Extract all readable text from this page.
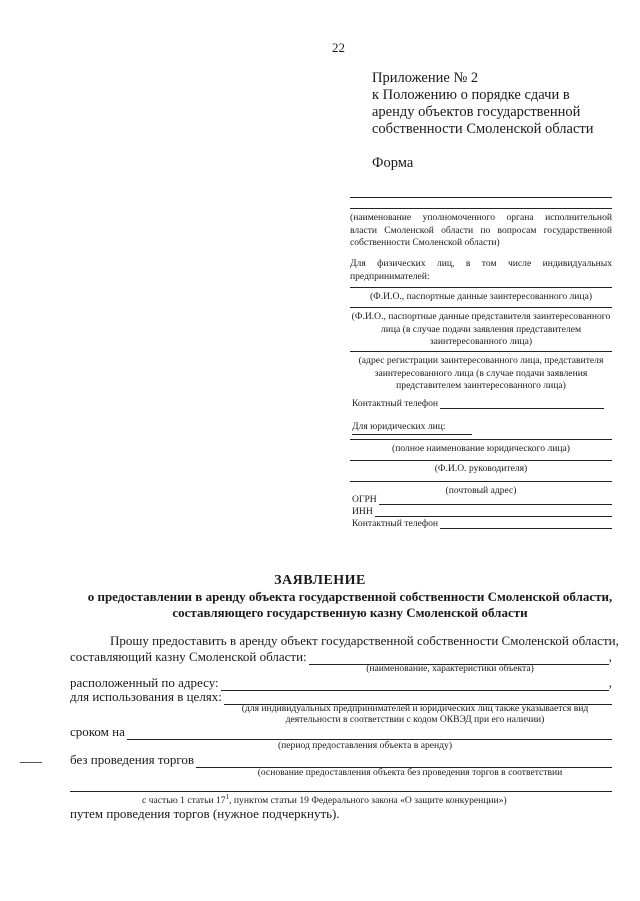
22
Приложение № 2
к Положению о порядке сдачи в
аренду объектов государственной
собственности Смоленской области
Форма
(наименование уполномоченного органа исполнительной
власти Смоленской области по вопросам государственной
собственности Смоленской области)
Для физических лиц, в том числе индивидуальных
предпринимателей:
(Ф.И.О., паспортные данные заинтересованного лица)
(Ф.И.О., паспортные данные представителя заинтересованного
лица (в случае подачи заявления представителем
заинтересованного лица)
(адрес регистрации заинтересованного лица, представителя
заинтересованного лица (в случае подачи заявления
представителем заинтересованного лица)
Контактный телефон
Для юридических лиц:
(полное наименование юридического лица)
(Ф.И.О. руководителя)
(почтовый адрес)
ОГРН
ИНН
Контактный телефон
ЗАЯВЛЕНИЕ
о предоставлении в аренду объекта государственной собственности Смоленской области,
составляющего государственную казну Смоленской области
Прошу предоставить в аренду объект государственной собственности Смоленской области,
составляющий казну Смоленской области:	,
(наименование, характеристики объекта)
расположенный по адресу:	,
для использования в целях:
(для индивидуальных предпринимателей и юридических лиц также указывается вид
деятельности в соответствии с кодом ОКВЭД при его наличии)
сроком на
(период предоставления объекта в аренду)
без проведения торгов
(основание предоставления объекта без проведения торгов в соответствии
с частью 1 статьи $17^1$, пунктом статьи 19 Федерального закона «О защите конкуренции»)
путем проведения торгов (нужное подчеркнуть).
